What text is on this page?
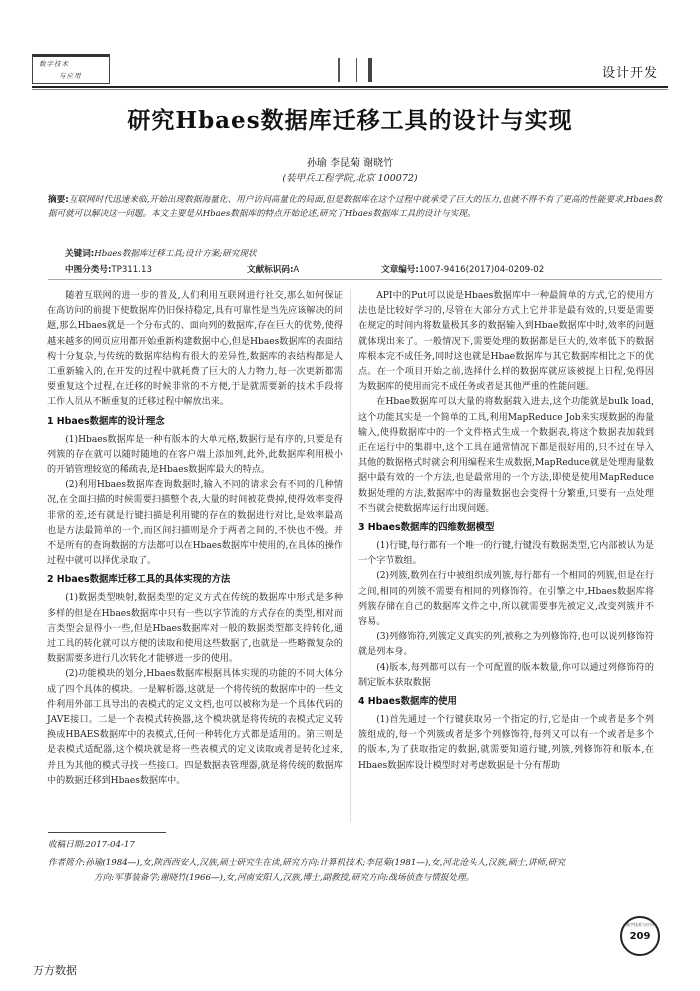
数字技术
与应用	设计开发
研究Hbaes数据库迁移工具的设计与实现
孙瑜 李昆菊 谢晓竹
(装甲兵工程学院,北京 100072)
摘要:互联网时代迅速来临,开始出现数据海量化、用户访问高量化的局面,但是数据库在这个过程中就承受了巨大的压力,也就不得不有了更高的性能要求,Hbaes数据可就可以解决这一问题。本文主要是从Hbaes数据库的特点开始论述,研究了Hbaes数据库工具的设计与实现。
关键词:Hbaes数据库迁移工具;设计方案;研究现状
中图分类号:TP311.13	文献标识码:A	文章编号:1007-9416(2017)04-0209-02

随着互联网的进一步的普及,人们利用互联网进行社交,那么如何保证在高访问的前提下使数据库仍旧保持稳定,具有可靠性是当先应该解决的问题,那么Hbaes就是一个分布式的、面向列的数据库,存在巨大的优势,使得越来越多的网页应用都开始重新构建数据中心,但是Hbaes数据库的表面结构十分复杂,与传统的数据库结构有很大的差异性,数据库的表结构都是人工重新输入的,在开发的过程中就耗费了巨大的人力物力,每一次更新都需要重复这个过程,在迁移的时候非常的不方便,于是就需要新的技术手段将工作人员从不断重复的迁移过程中解放出来。

1 Hbaes数据库的设计理念

(1)Hbaes数据库是一种有版本的大单元格,数据行是有序的,只要是有列簇的存在就可以随时随地的在客户端上添加列,此外,此数据库利用极小的开销管理较宽的稀疏表,是Hbaes数据库最大的特点。

(2)利用Hbaes数据库查询数据时,输入不同的请求会有不同的几种情况,在全面扫描的时候需要扫描整个表,大量的时间被花费掉,使得效率变得非常的差,还有就是行键扫描是利用键的存在的数据进行对比,是效率最高也是方法最简单的一个,而区间扫描则是介于两者之间的,不快也不慢。并不是所有的查询数据的方法都可以在Hbaes数据库中使用的,在具体的操作过程中就可以择优录取了。

2 Hbaes数据库迁移工具的具体实现的方法

(1)数据类型映射,数据类型的定义方式在传统的数据库中形式是多种多样的但是在Hbaes数据库中只有一些以字节流的方式存在的类型,相对而言类型会显得小一些,但是Hbaes数据库对一般的数据类型都支持转化,通过工具的转化就可以方便的读取和使用这些数据了,也就是一些略微复杂的数据需要多进行几次转化才能够进一步的使用。

(2)功能模块的划分,Hbaes数据库根据具体实现的功能的不同大体分成了四个具体的模块。一是解析器,这就是一个将传统的数据库中的一些文件利用外部工具导出的表模式的定义文档,也可以被称为是一个具体代码的JAVE接口。二是一个表模式转换器,这个模块就是将传统的表模式定义转换成HBAES数据库中的表模式,任何一种转化方式都是适用的。第三则是是表模式适配器,这个模块就是将一些表模式的定义读取或者是转化过来,并且为其他的模式寻找一些接口。四是数据表管理器,就是将传统的数据库中的数据迁移到Hbaes数据库中。

API中的Put可以说是Hbaes数据库中一种最简单的方式,它的使用方法也是比较好学习的,尽管在大部分方式上它并非是最有效的,只要是需要在规定的时间内将数量极其多的数据输入到Hbae数据库中时,效率的问题就体现出来了。一般情况下,需要处理的数据都是巨大的,效率低下的数据库根本完不成任务,同时这也就是Hbae数据库与其它数据库相比之下的优点。在一个项目开始之前,选择什么样的数据库就应该被提上日程,免得因为数据库的使用而完不成任务或者是其他严重的性能问题。

在Hbae数据库可以大量的将数据载入进去,这个功能就是bulk load,这个功能其实是一个简单的工具,利用MapReduce Job来实现数据的海量输入,使得数据库中的一个文件格式生成一个数据表,将这个数据表加载到正在运行中的集群中,这个工具在通常情况下都是很好用的,只不过在导入其他的数据格式时就会利用编程来生成数据,MapReduce就是处理海量数据中最有效的一个方法,也是最常用的一个方法,即使是使用MapReduce数据处理的方法,数据库中的海量数据也会变得十分繁重,只要有一点处理不当就会使数据库运行出现问题。

3 Hbaes数据库的四维数据模型

(1)行键,每行都有一个唯一的行键,行键没有数据类型,它内部被认为是一个字节数组。

(2)列簇,数列在行中被组织成列簇,每行都有一个相同的列簇,但是在行之间,相同的列簇不需要有相同的列修饰符。在引擎之中,Hbaes数据库将列簇存储在自己的数据库文件之中,所以就需要事先被定义,改变列簇并不容易。

(3)列修饰符,列簇定义真实的列,被称之为列修饰符,也可以说列修饰符就是列本身。

(4)版本,每列都可以有一个可配置的版本数量,你可以通过列修饰符的制定版本获取数据

4 Hbaes数据库的使用

(1)首先通过一个行键获取另一个指定的行,它是由一个或者是多个列簇组成的,每一个列簇或者是多个列修饰符,每列又可以有一个或者是多个的版本,为了获取指定的数据,就需要知道行键,列簇,列修饰符和版本,在Hbaes数据库设计模型时对考虑数据是十分有帮助

收稿日期:2017-04-17
作者简介:孙瑜(1984—),女,陕西西安人,汉族,硕士研究生在读,研究方向:计算机技术;李昆菊(1981—),女,河北沧头人,汉族,硕士,讲师,研究
方向:军事装备学;谢晓竹(1966—),女,河南安阳人,汉族,博士,副教授,研究方向:战场侦查与情报处理。
数字技术与应用
209
万方数据
